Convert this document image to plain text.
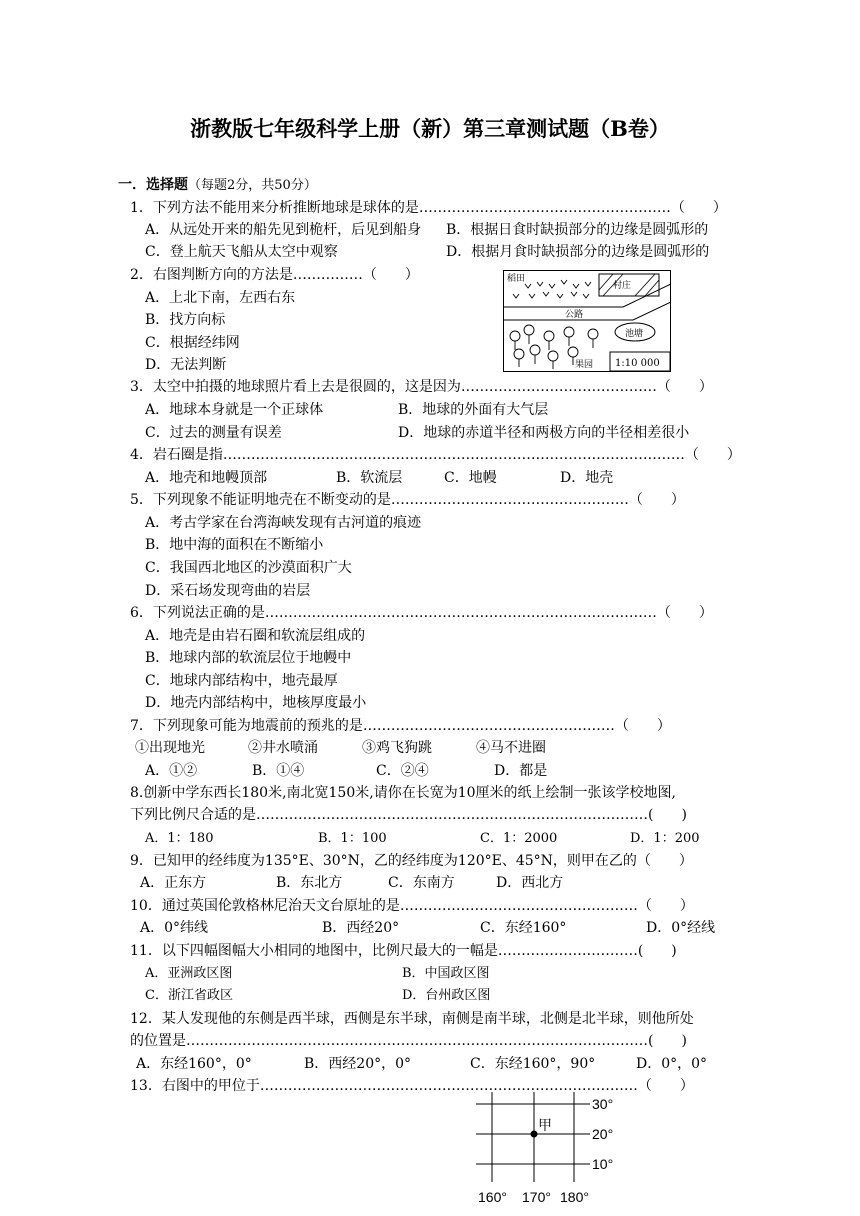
浙教版七年级科学上册（新）第三章测试题（B卷）
一．选择题（每题2分，共50分）
1．下列方法不能用来分析推断地球是球体的是………………………………………………（　　）
A．从远处开来的船先见到桅杆，后见到船身 B．根据日食时缺损部分的边缘是圆弧形的
C．登上航天飞船从太空中观察	D．根据月食时缺损部分的边缘是圆弧形的
2．右图判断方向的方法是……………（　　）
A．上北下南，左西右东
B．找方向标
C．根据经纬网
D．无法判断
稻田
村庄
公路
池塘
果园 1:10 000
3．太空中拍摄的地球照片看上去是很圆的，这是因为……………………………………（　　）
A．地球本身就是一个正球体	B．地球的外面有大气层
C．过去的测量有误差	D．地球的赤道半径和两极方向的半径相差很小
4．岩石圈是指………………………………………………………………………………………（　　）
A．地壳和地幔顶部	B．软流层	C．地幔	D．地壳
5．下列现象不能证明地壳在不断变动的是……………………………………………（　　）
A．考古学家在台湾海峡发现有古河道的痕迹
B．地中海的面积在不断缩小
C．我国西北地区的沙漠面积广大
D．采石场发现弯曲的岩层
6．下列说法正确的是…………………………………………………………………………（　　）
A．地壳是由岩石圈和软流层组成的
B．地球内部的软流层位于地幔中
C．地球内部结构中，地壳最厚
D．地壳内部结构中，地核厚度最小
7．下列现象可能为地震前的预兆的是………………………………………………（　　）
①出现地光	②井水喷涌	③鸡飞狗跳	④马不进圈
A．①②	B．①④	C．②④	D．都是
8.创新中学东西长180米,南北宽150米,请你在长宽为10厘米的纸上绘制一张该学校地图,
下列比例尺合适的是…………………………………………………………………………(　　)
A．1：180	B．1：100	C．1：2000	D．1：200
9．已知甲的经纬度为135°E、30°N，乙的经纬度为120°E、45°N，则甲在乙的（　　）
A．正东方	B．东北方	C．东南方	D．西北方
10．通过英国伦敦格林尼治天文台原址的是……………………………………………（　　）
A．0°纬线	B．西经20°	C．东经160°	D．0°经线
11．以下四幅图幅大小相同的地图中，比例尺最大的一幅是…………………………(　　)
A．亚洲政区图	B．中国政区图
C．浙江省政区	D．台州政区图
12．某人发现他的东侧是西半球，西侧是东半球，南侧是南半球，北侧是北半球，则他所处
的位置是………………………………………………………………………………………(　　)
A．东经160°，0°	B．西经20°，0°	C．东经160°，90°	D．0°，0°
13．右图中的甲位于………………………………………………………………………（　　）
甲
30°
20°
10°
160° 170° 180°
